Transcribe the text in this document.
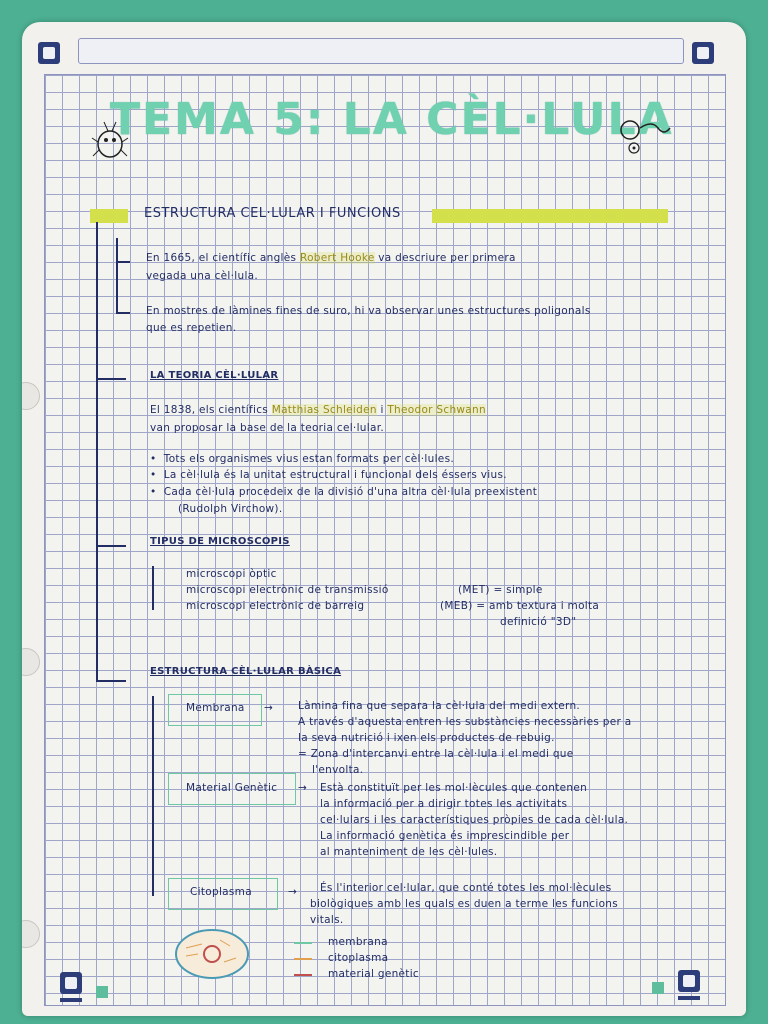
TEMA 5: LA CÈL·LULA
ESTRUCTURA CEL·LULAR I FUNCIONS
En 1665, el científic anglès Robert Hooke va descriure per primera
vegada una cèl·lula.
En mostres de làmines fines de suro, hi va observar unes estructures poligonals
que es repetien.
LA TEORIA CÈL·LULAR
El 1838, els científics Matthias Schleiden i Theodor Schwann
van proposar la base de la teoria cel·lular.
•  Tots els organismes vius estan formats per cèl·lules.
•  La cèl·lula és la unitat estructural i funcional dels éssers vius.
•  Cada cèl·lula procedeix de la divisió d'una altra cèl·lula preexistent
(Rudolph Virchow).
TIPUS DE MICROSCOPIS
microscopi òptic
microscopi electrònic de transmissió	(MET) = simple
microscopi electrònic de barreig	(MEB) = amb textura i molta
definició "3D"
ESTRUCTURA CÈL·LULAR BÀSICA
Membrana → Làmina fina que separa la cèl·lula del medi extern.
A través d'aquesta entren les substàncies necessàries per a
la seva nutrició i ixen els productes de rebuig.
= Zona d'intercanvi entre la cèl·lula i el medi que
l'envolta.
Material Genètic → Està constituït per les mol·lècules que contenen
la informació per a dirigir totes les activitats
cel·lulars i les característiques pròpies de cada cèl·lula.
La informació genètica és imprescindible per
al manteniment de les cèl·lules.
Citoplasma	→ És l'interior cel·lular, que conté totes les mol·lècules
biològiques amb les quals es duen a terme les funcions
vitals.
membrana
citoplasma
material genètic
